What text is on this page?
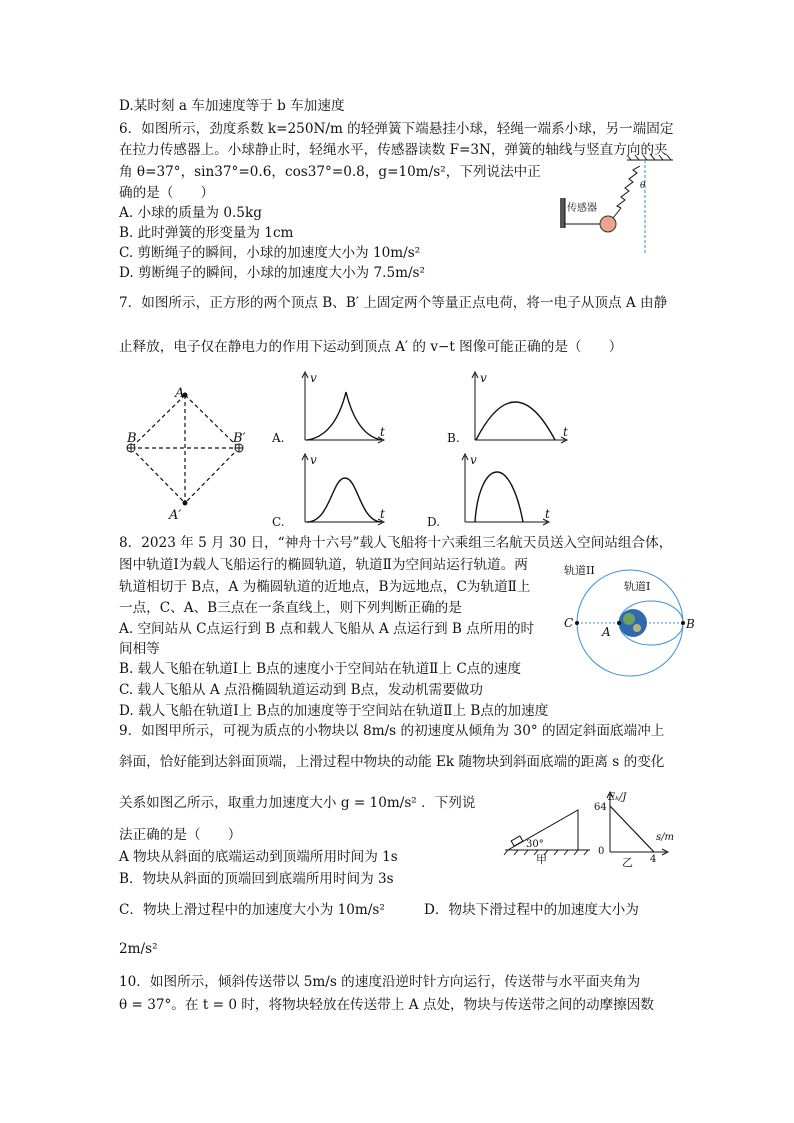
D.某时刻 a 车加速度等于 b 车加速度
6．如图所示，劲度系数 k=250N/m 的轻弹簧下端悬挂小球，轻绳一端系小球，另一端固定
在拉力传感器上。小球静止时，轻绳水平，传感器读数 F=3N，弹簧的轴线与竖直方向的夹
角 θ=37°，sin37°=0.6，cos37°=0.8，g=10m/s²，下列说法中正
确的是（　　）
A. 小球的质量为 0.5kg
B. 此时弹簧的形变量为 1cm
C. 剪断绳子的瞬间，小球的加速度大小为 10m/s²
D. 剪断绳子的瞬间，小球的加速度大小为 7.5m/s²
传感器
θ
7．如图所示，正方形的两个顶点 B、B′ 上固定两个等量正点电荷，将一电子从顶点 A 由静
止释放，电子仅在静电力的作用下运动到顶点 A′ 的 v−t 图像可能正确的是（　　）
A
B	B′
A′
v
t
A.
v
t
B.
v
t
C.
v
t
D.
8．2023 年 5 月 30 日，“神舟十六号”载人飞船将十六乘组三名航天员送入空间站组合体，
图中轨道Ⅰ为载人飞船运行的椭圆轨道，轨道Ⅱ为空间站运行轨道。两
轨道相切于 B点，A 为椭圆轨道的近地点，B为远地点，C为轨道Ⅱ上
一点，C、A、B三点在一条直线上，则下列判断正确的是
A. 空间站从 C点运行到 B 点和载人飞船从 A 点运行到 B 点所用的时
间相等
B. 载人飞船在轨道Ⅰ上 B点的速度小于空间站在轨道Ⅱ上 C点的速度
C. 载人飞船从 A 点沿椭圆轨道运动到 B点，发动机需要做功
D. 载人飞船在轨道Ⅰ上 B点的加速度等于空间站在轨道Ⅱ上 B点的加速度
轨道II
轨道I
C
A
B
9．如图甲所示，可视为质点的小物块以 8m/s 的初速度从倾角为 30° 的固定斜面底端冲上
斜面，恰好能到达斜面顶端，上滑过程中物块的动能 Ek 随物块到斜面底端的距离 s 的变化
关系如图乙所示，取重力加速度大小 g = 10m/s² ．下列说
法正确的是（　　）
A 物块从斜面的底端运动到顶端所用时间为 1s
B．物块从斜面的顶端回到底端所用时间为 3s
C．物块上滑过程中的加速度大小为 10m/s²	D．物块下滑过程中的加速度大小为
2m/s²
30°
甲
Eₖ/J
s/m
64
0
4
乙
10．如图所示，倾斜传送带以 5m/s 的速度沿逆时针方向运行，传送带与水平面夹角为
θ = 37°。在 t = 0 时，将物块轻放在传送带上 A 点处，物块与传送带之间的动摩擦因数
